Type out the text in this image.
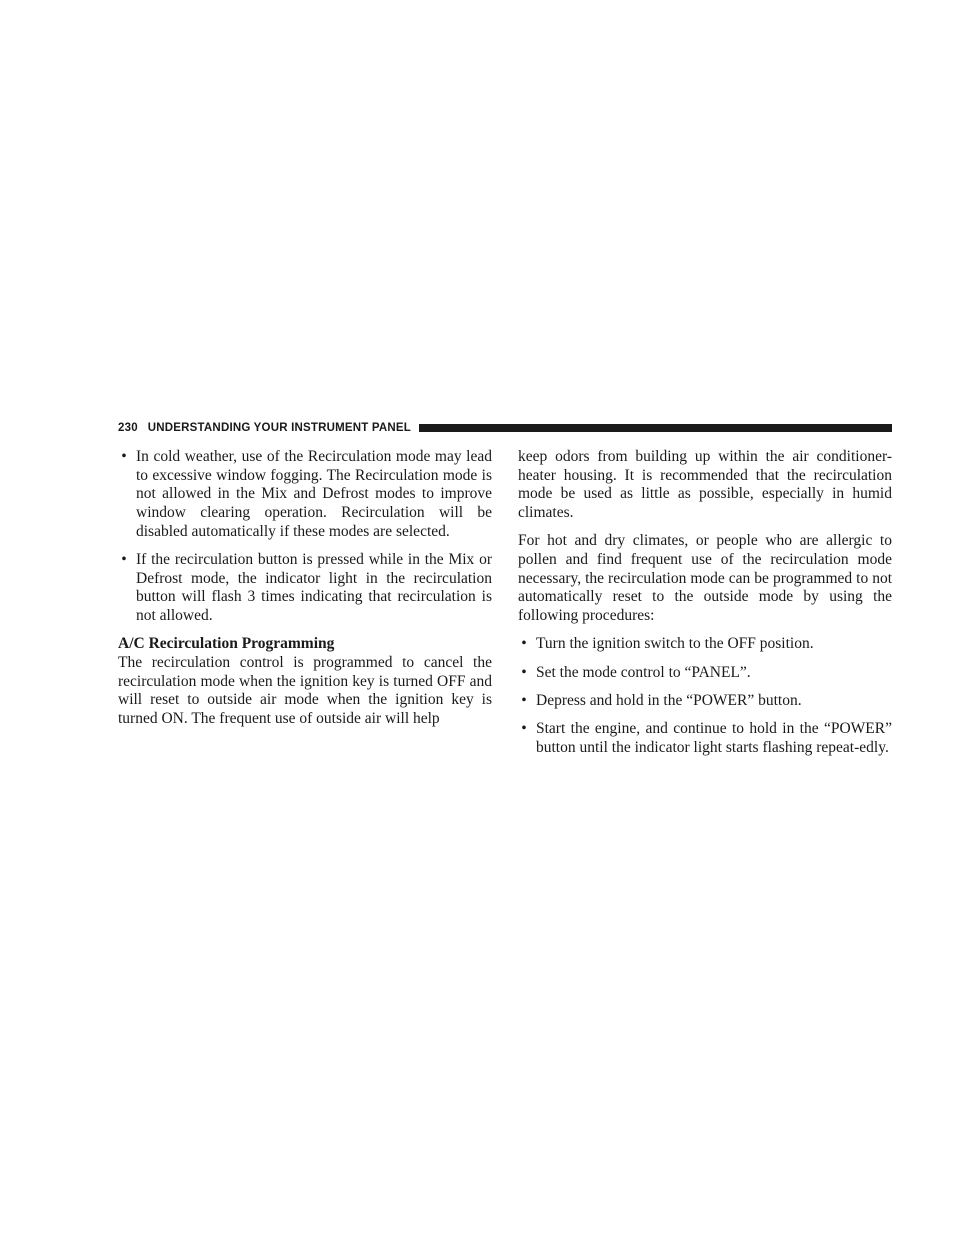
230 UNDERSTANDING YOUR INSTRUMENT PANEL
• In cold weather, use of the Recirculation mode may lead to excessive window fogging. The Recirculation mode is not allowed in the Mix and Defrost modes to improve window clearing operation. Recirculation will be disabled automatically if these modes are selected.
• If the recirculation button is pressed while in the Mix or Defrost mode, the indicator light in the recirculation button will flash 3 times indicating that recirculation is not allowed.
A/C Recirculation Programming

The recirculation control is programmed to cancel the recirculation mode when the ignition key is turned OFF and will reset to outside air mode when the ignition key is turned ON. The frequent use of outside air will help

keep odors from building up within the air conditioner-heater housing. It is recommended that the recirculation mode be used as little as possible, especially in humid climates.

For hot and dry climates, or people who are allergic to pollen and find frequent use of the recirculation mode necessary, the recirculation mode can be programmed to not automatically reset to the outside mode by using the following procedures:

• Turn the ignition switch to the OFF position.
• Set the mode control to “PANEL”.
• Depress and hold in the “POWER” button.
• Start the engine, and continue to hold in the “POWER” button until the indicator light starts flashing repeat-edly.
